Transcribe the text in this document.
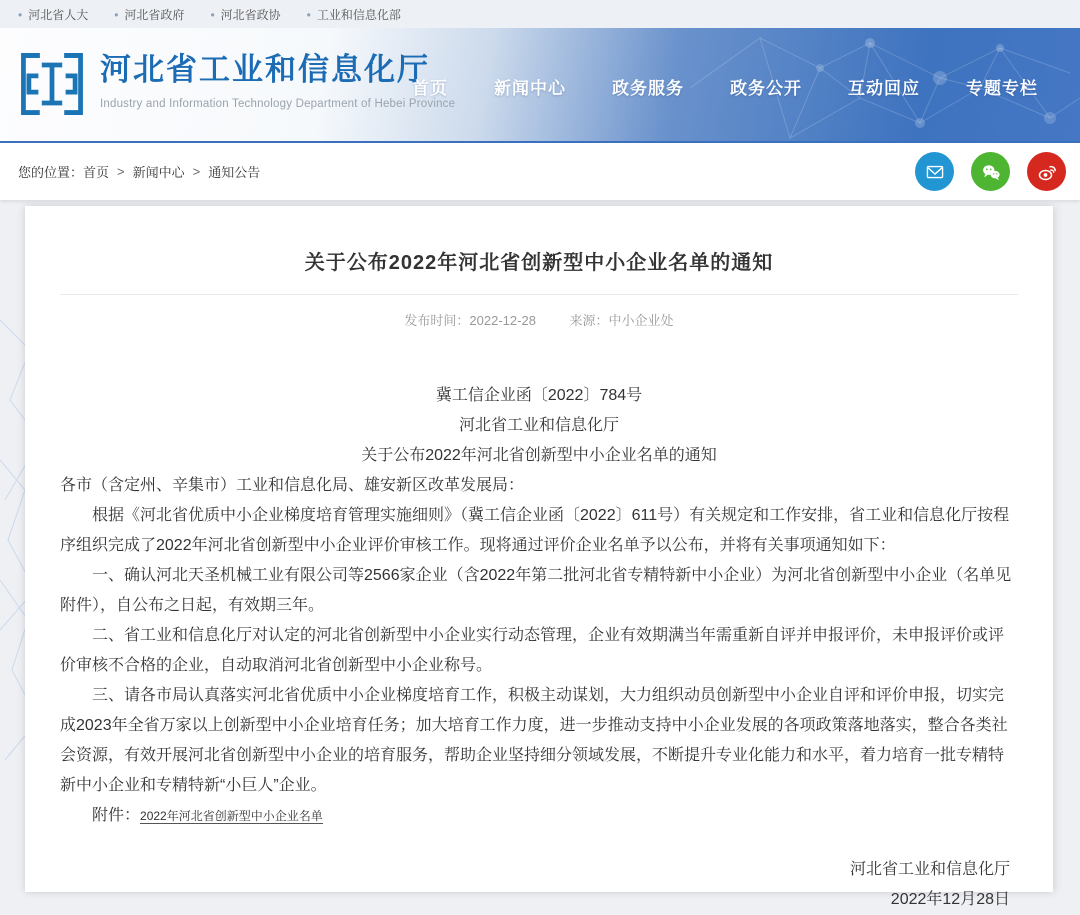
• 河北省人大	• 河北省政府	• 河北省政协	• 工业和信息化部
河北省工业和信息化厅
Industry and Information Technology Department of Hebei Province
首页	新闻中心	政务服务	政务公开	互动回应	专题专栏
您的位置： 首页 > 新闻中心 > 通知公告
关于公布2022年河北省创新型中小企业名单的通知
发布时间：2022-12-28	来源：中小企业处

冀工信企业函〔2022〕784号

河北省工业和信息化厅

关于公布2022年河北省创新型中小企业名单的通知

各市（含定州、辛集市）工业和信息化局、雄安新区改革发展局：

根据《河北省优质中小企业梯度培育管理实施细则》（冀工信企业函〔2022〕611号）有关规定和工作安排，省工业和信息化厅按程序组织完成了2022年河北省创新型中小企业评价审核工作。现将通过评价企业名单予以公布，并将有关事项通知如下：

一、确认河北天圣机械工业有限公司等2566家企业（含2022年第二批河北省专精特新中小企业）为河北省创新型中小企业（名单见附件），自公布之日起，有效期三年。

二、省工业和信息化厅对认定的河北省创新型中小企业实行动态管理，企业有效期满当年需重新自评并申报评价，未申报评价或评价审核不合格的企业，自动取消河北省创新型中小企业称号。

三、请各市局认真落实河北省优质中小企业梯度培育工作，积极主动谋划，大力组织动员创新型中小企业自评和评价申报，切实完成2023年全省万家以上创新型中小企业培育任务；加大培育工作力度，进一步推动支持中小企业发展的各项政策落地落实，整合各类社会资源，有效开展河北省创新型中小企业的培育服务，帮助企业坚持细分领域发展，不断提升专业化能力和水平，着力培育一批专精特新中小企业和专精特新“小巨人”企业。

附件：2022年河北省创新型中小企业名单

河北省工业和信息化厅
2022年12月28日
